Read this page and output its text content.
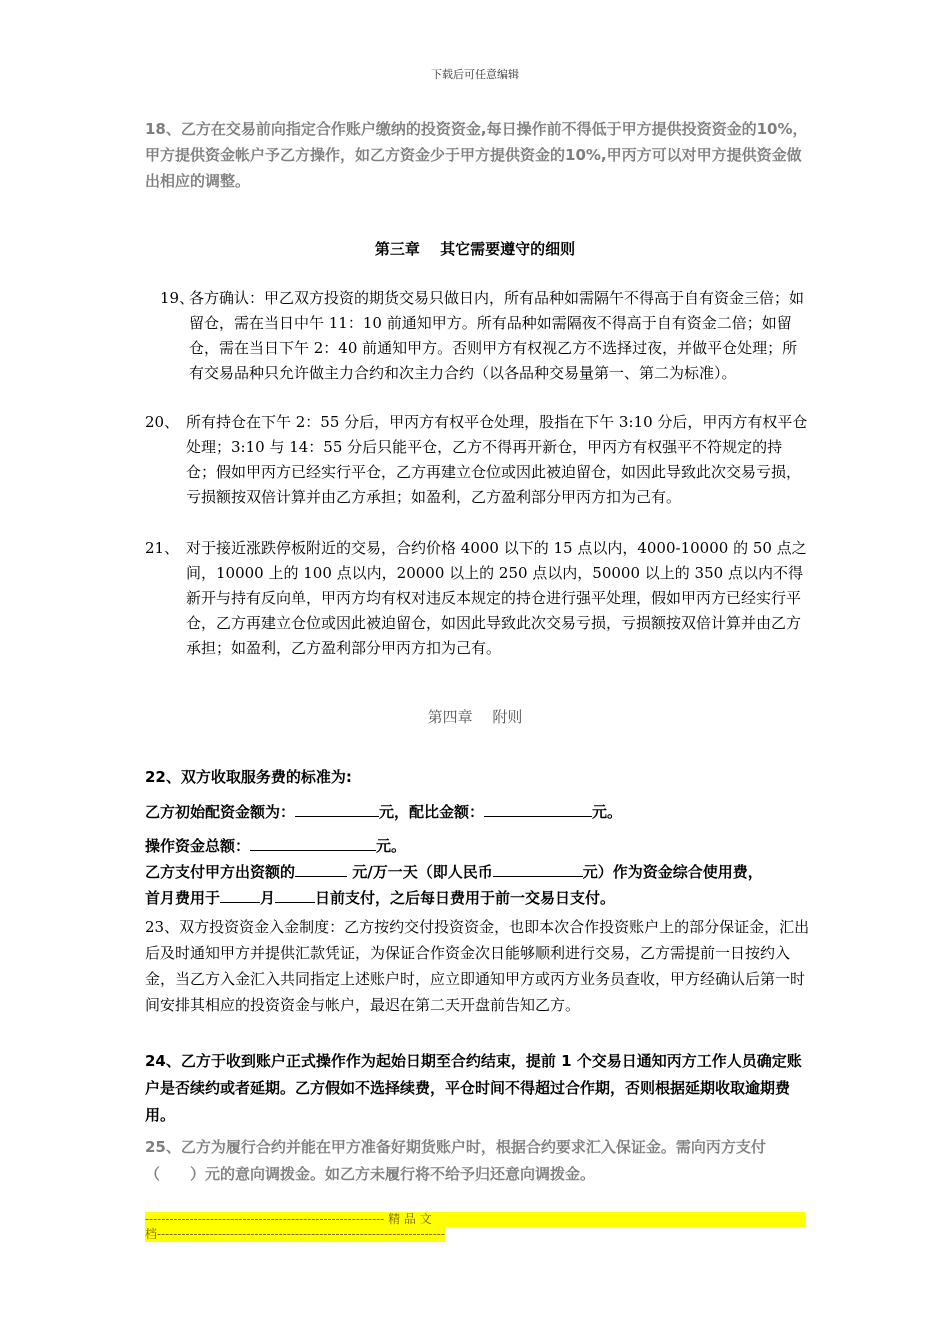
下载后可任意编辑
18、乙方在交易前向指定合作账户缴纳的投资资金,每日操作前不得低于甲方提供投资资金的10%，甲方提供资金帐户予乙方操作，如乙方资金少于甲方提供资金的10%,甲丙方可以对甲方提供资金做出相应的调整。
第三章　 其它需要遵守的细则
19、
各方确认：甲乙双方投资的期货交易只做日内，所有品种如需隔午不得高于自有资金三倍；如留仓，需在当日中午 11：10 前通知甲方。所有品种如需隔夜不得高于自有资金二倍；如留仓，需在当日下午 2：40 前通知甲方。否则甲方有权视乙方不选择过夜，并做平仓处理；所有交易品种只允许做主力合约和次主力合约（以各品种交易量第一、第二为标准）。
20、 所有持仓在下午 2：55 分后，甲丙方有权平仓处理，股指在下午 3:10 分后，甲丙方有权平仓处理；3:10 与 14：55 分后只能平仓，乙方不得再开新仓，甲丙方有权强平不符规定的持仓；假如甲丙方已经实行平仓，乙方再建立仓位或因此被迫留仓，如因此导致此次交易亏损，亏损额按双倍计算并由乙方承担；如盈利，乙方盈利部分甲丙方扣为己有。
21、 对于接近涨跌停板附近的交易，合约价格 4000 以下的 15 点以内，4000-10000 的 50 点之间，10000 上的 100 点以内，20000 以上的 250 点以内，50000 以上的 350 点以内不得新开与持有反向单，甲丙方均有权对违反本规定的持仓进行强平处理，假如甲丙方已经实行平仓，乙方再建立仓位或因此被迫留仓，如因此导致此次交易亏损，亏损额按双倍计算并由乙方承担；如盈利，乙方盈利部分甲丙方扣为己有。
第四章　 附则
22、双方收取服务费的标准为:
乙方初始配资金额为：	元，配比金额：	元。
操作资金总额：	元。
乙方支付甲方出资额的	元/万一天（即人民币	元）作为资金综合使用费，
首月费用于	月	日前支付，之后每日费用于前一交易日支付。
23、双方投资资金入金制度：乙方按约交付投资资金，也即本次合作投资账户上的部分保证金，汇出后及时通知甲方并提供汇款凭证，为保证合作资金次日能够顺利进行交易，乙方需提前一日按约入金，当乙方入金汇入共同指定上述账户时，应立即通知甲方或丙方业务员查收，甲方经确认后第一时间安排其相应的投资资金与帐户，最迟在第二天开盘前告知乙方。
24、乙方于收到账户正式操作作为起始日期至合约结束，提前 1 个交易日通知丙方工作人员确定账户是否续约或者延期。乙方假如不选择续费，平仓时间不得超过合作期，否则根据延期收取逾期费用。
25、乙方为履行合约并能在甲方准备好期货账户时，根据合约要求汇入保证金。需向丙方支付（　　）元的意向调拨金。如乙方未履行将不给予归还意向调拨金。
----------------------------------------------------------- 精 品 文
档-----------------------------------------------------------------------
